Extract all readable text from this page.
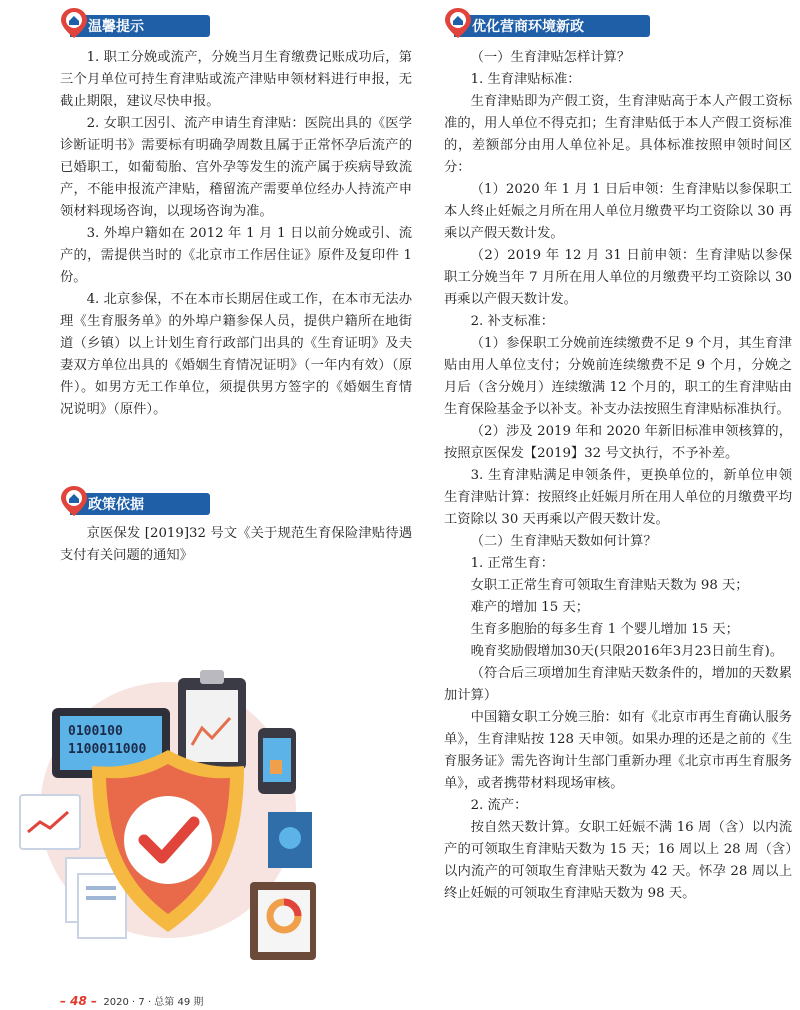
温馨提示

1. 职工分娩或流产，分娩当月生育缴费记账成功后，第三个月单位可持生育津贴或流产津贴申领材料进行申报，无截止期限，建议尽快申报。

2. 女职工因引、流产申请生育津贴：医院出具的《医学诊断证明书》需要标有明确孕周数且属于正常怀孕后流产的已婚职工，如葡萄胎、宫外孕等发生的流产属于疾病导致流产，不能申报流产津贴，稽留流产需要单位经办人持流产申领材料现场咨询，以现场咨询为准。

3. 外埠户籍如在 2012 年 1 月 1 日以前分娩或引、流产的，需提供当时的《北京市工作居住证》原件及复印件 1 份。

4. 北京参保，不在本市长期居住或工作，在本市无法办理《生育服务单》的外埠户籍参保人员，提供户籍所在地街道（乡镇）以上计划生育行政部门出具的《生育证明》及夫妻双方单位出具的《婚姻生育情况证明》（一年内有效）（原件）。如男方无工作单位，须提供男方签字的《婚姻生育情况说明》（原件）。

政策依据

京医保发 [2019]32 号文《关于规范生育保险津贴待遇支付有关问题的通知》

0100100
1100011000
优化营商环境新政

（一）生育津贴怎样计算？

1. 生育津贴标准：

生育津贴即为产假工资，生育津贴高于本人产假工资标准的，用人单位不得克扣；生育津贴低于本人产假工资标准的，差额部分由用人单位补足。具体标准按照申领时间区分：

（1）2020 年 1 月 1 日后申领：生育津贴以参保职工本人终止妊娠之月所在用人单位月缴费平均工资除以 30 再乘以产假天数计发。

（2）2019 年 12 月 31 日前申领：生育津贴以参保职工分娩当年 7 月所在用人单位的月缴费平均工资除以 30 再乘以产假天数计发。

2. 补支标准：

（1）参保职工分娩前连续缴费不足 9 个月，其生育津贴由用人单位支付；分娩前连续缴费不足 9 个月，分娩之月后（含分娩月）连续缴满 12 个月的，职工的生育津贴由生育保险基金予以补支。补支办法按照生育津贴标准执行。

（2）涉及 2019 年和 2020 年新旧标准申领核算的，按照京医保发【2019】32 号文执行，不予补差。

3. 生育津贴满足申领条件，更换单位的，新单位申领生育津贴计算：按照终止妊娠月所在用人单位的月缴费平均工资除以 30 天再乘以产假天数计发。

（二）生育津贴天数如何计算？

1. 正常生育：

女职工正常生育可领取生育津贴天数为 98 天；

难产的增加 15 天；

生育多胞胎的每多生育 1 个婴儿增加 15 天；

晚育奖励假增加30天(只限2016年3月23日前生育)。

（符合后三项增加生育津贴天数条件的，增加的天数累加计算）

中国籍女职工分娩三胎：如有《北京市再生育确认服务单》，生育津贴按 128 天申领。如果办理的还是之前的《生育服务证》需先咨询计生部门重新办理《北京市再生育服务单》，或者携带材料现场审核。

2. 流产：

按自然天数计算。女职工妊娠不满 16 周（含）以内流产的可领取生育津贴天数为 15 天；16 周以上 28 周（含）以内流产的可领取生育津贴天数为 42 天。怀孕 28 周以上终止妊娠的可领取生育津贴天数为 98 天。

– 48 – 2020 · 7 · 总第 49 期
